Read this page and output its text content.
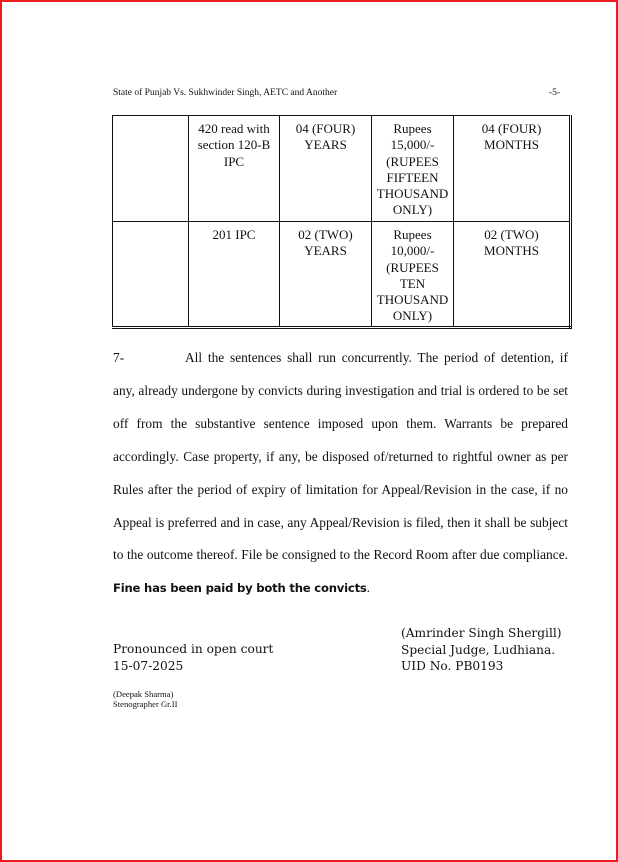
State of Punjab Vs. Sukhwinder Singh, AETC and Another	-5-
	420 read with section 120-B IPC	04 (FOUR) YEARS	Rupees 15,000/- (RUPEES FIFTEEN THOUSAND ONLY)	04 (FOUR) MONTHS
	201 IPC	02 (TWO) YEARS	Rupees 10,000/- (RUPEES TEN THOUSAND ONLY)	02 (TWO) MONTHS
7-	All the sentences shall run concurrently. The period of detention, if any, already undergone by convicts during investigation and trial is ordered to be set off from the substantive sentence imposed upon them. Warrants be prepared accordingly. Case property, if any, be disposed of/returned to rightful owner as per Rules after the period of expiry of limitation for Appeal/Revision in the case, if no Appeal is preferred and in case, any Appeal/Revision is filed, then it shall be subject to the outcome thereof. File be consigned to the Record Room after due compliance. Fine has been paid by both the convicts.
Pronounced in open court
15-07-2025
(Amrinder Singh Shergill)
Special Judge, Ludhiana.
UID No. PB0193
(Deepak Sharma)
Stenographer Gr.II
